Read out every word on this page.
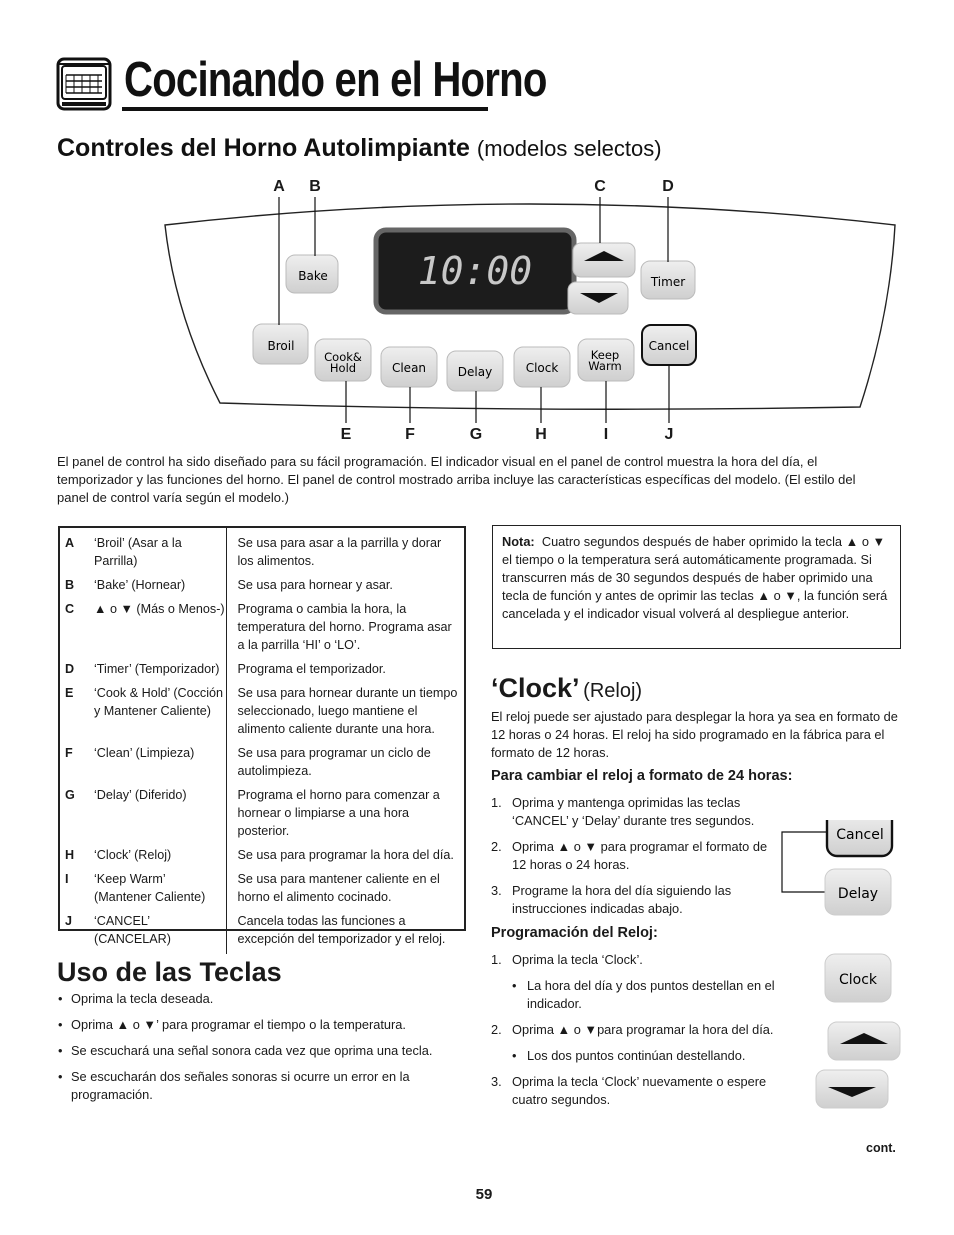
Cocinando en el Horno
Controles del Horno Autolimpiante (modelos selectos)
10:00
Bake	Timer
Broil
Cook&
Hold	Clean	Delay	Clock
Keep
Warm
Cancel
A B	C	D
E	F	G	H	I	J
El panel de control ha sido diseñado para su fácil programación. El indicador visual en el panel de control muestra la hora del día, el temporizador y las funciones del horno. El panel de control mostrado arriba incluye las características específicas del modelo. (El estilo del panel de control varía según el modelo.)
A	‘Broil’ (Asar a la Parrilla)	Se usa para asar a la parrilla y dorar los alimentos.
B	‘Bake’ (Hornear)	Se usa para hornear y asar.
C	▲ o ▼ (Más o Menos-)	Programa o cambia la hora, la temperatura del horno. Programa asar a la parrilla ‘HI’ o ‘LO’.
D	‘Timer’ (Temporizador)	Programa el temporizador.
E	‘Cook & Hold’ (Cocción y Mantener Caliente)	Se usa para hornear durante un tiempo seleccionado, luego mantiene el alimento caliente durante una hora.
F	‘Clean’ (Limpieza)	Se usa para programar un ciclo de autolimpieza.
G	‘Delay’ (Diferido)	Programa el horno para comenzar a hornear o limpiarse a una hora posterior.
H	‘Clock’ (Reloj)	Se usa para programar la hora del día.
I	‘Keep Warm’ (Mantener Caliente)	Se usa para mantener caliente en el horno el alimento cocinado.
J	‘CANCEL’ (CANCELAR)	Cancela todas las funciones a excepción del temporizador y el reloj.
Uso de las Teclas
• Oprima la tecla deseada.
• Oprima ▲ o ▼’ para programar el tiempo o la temperatura.
• Se escuchará una señal sonora cada vez que oprima una tecla.
• Se escucharán dos señales sonoras si ocurre un error en la programación.
Nota: Cuatro segundos después de haber oprimido la tecla ▲ o ▼ el tiempo o la temperatura será automáticamente programada. Si transcurren más de 30 segundos después de haber oprimido una tecla de función y antes de oprimir las teclas ▲ o ▼, la función será cancelada y el indicador visual volverá al despliegue anterior.
‘Clock’ (Reloj)
El reloj puede ser ajustado para desplegar la hora ya sea en formato de 12 horas o 24 horas. El reloj ha sido programado en la fábrica para el formato de 12 horas.
Para cambiar el reloj a formato de 24 horas:
1. Oprima y mantenga oprimidas las teclas ‘CANCEL’ y ‘Delay’ durante tres segundos.
2. Oprima ▲ o ▼ para programar el formato de 12 horas o 24 horas.
3. Programe la hora del día siguiendo las instrucciones indicadas abajo.
Programación del Reloj:
1. Oprima la tecla ‘Clock’.
• La hora del día y dos puntos destellan en el indicador.
2. Oprima ▲ o ▼para programar la hora del día.
• Los dos puntos continúan destellando.
3. Oprima la tecla ‘Clock’ nuevamente o espere cuatro segundos.
Cancel
Delay
Clock
cont.
59
